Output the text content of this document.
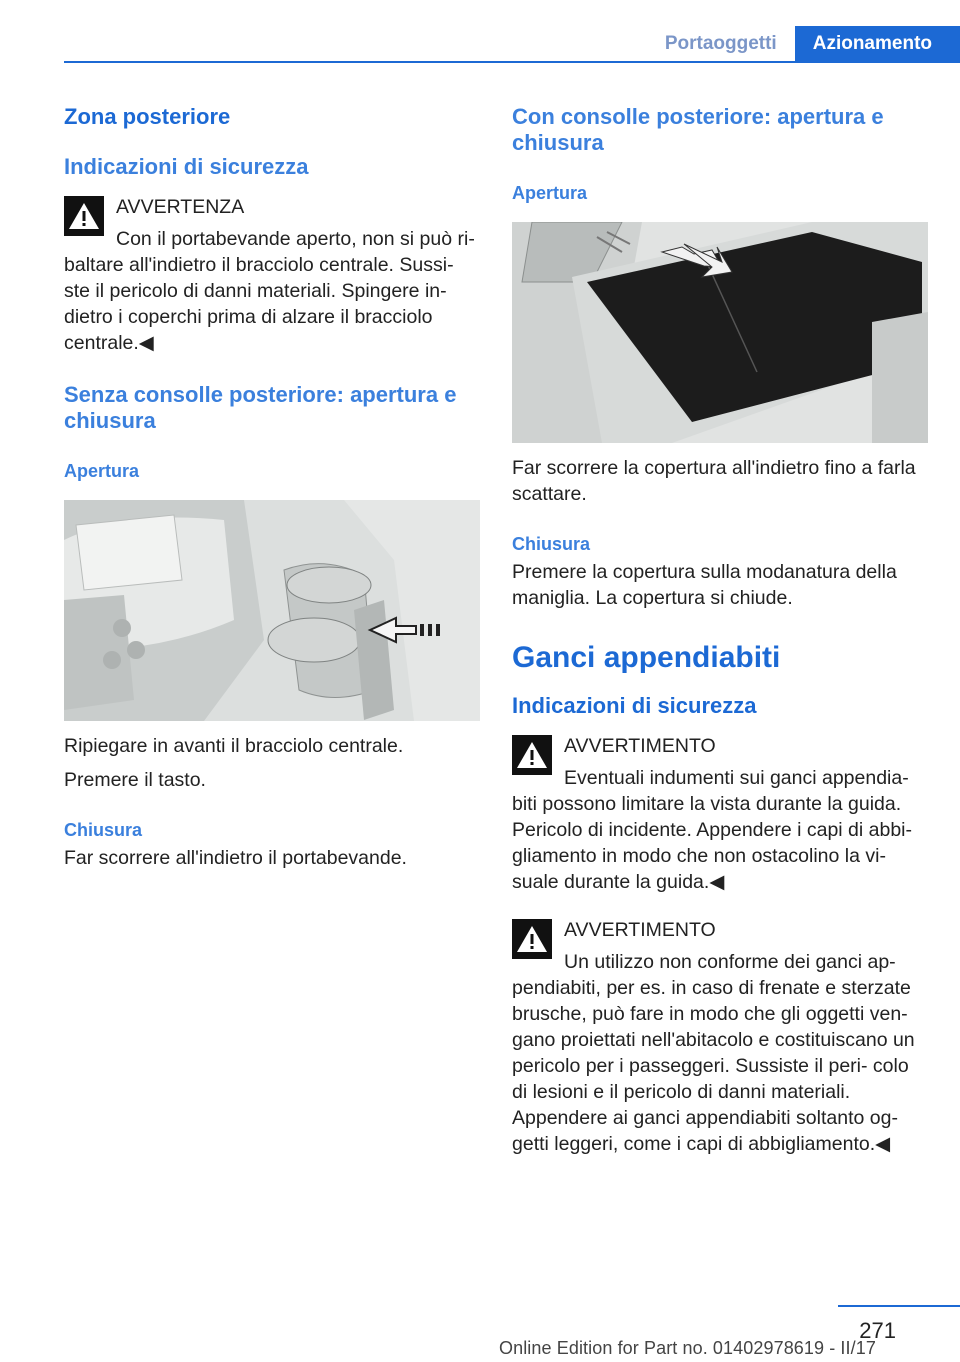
Portaoggetti	Azionamento
Zona posteriore
Indicazioni di sicurezza
AVVERTENZA

Con il portabevande aperto, non si può ri‐

baltare all'indietro il bracciolo centrale. Sussi‐ ste il pericolo di danni materiali. Spingere in‐ dietro i coperchi prima di alzare il bracciolo centrale.◀

Senza consolle posteriore: apertura e chiusura
Apertura

Ripiegare in avanti il bracciolo centrale.

Premere il tasto.

Chiusura

Far scorrere all'indietro il portabevande.

Con consolle posteriore: apertura e chiusura
Apertura

Far scorrere la copertura all'indietro fino a farla scattare.

Chiusura

Premere la copertura sulla modanatura della maniglia. La copertura si chiude.

Ganci appendiabiti
Indicazioni di sicurezza
AVVERTIMENTO

Eventuali indumenti sui ganci appendia‐

biti possono limitare la vista durante la guida. Pericolo di incidente. Appendere i capi di abbi‐ gliamento in modo che non ostacolino la vi‐ suale durante la guida.◀

AVVERTIMENTO

Un utilizzo non conforme dei ganci ap‐

pendiabiti, per es. in caso di frenate e sterzate brusche, può fare in modo che gli oggetti ven‐ gano proiettati nell'abitacolo e costituiscano un pericolo per i passeggeri. Sussiste il peri‐ colo di lesioni e il pericolo di danni materiali. Appendere ai ganci appendiabiti soltanto og‐ getti leggeri, come i capi di abbigliamento.◀

271
Online Edition for Part no. 01402978619 - II/17
